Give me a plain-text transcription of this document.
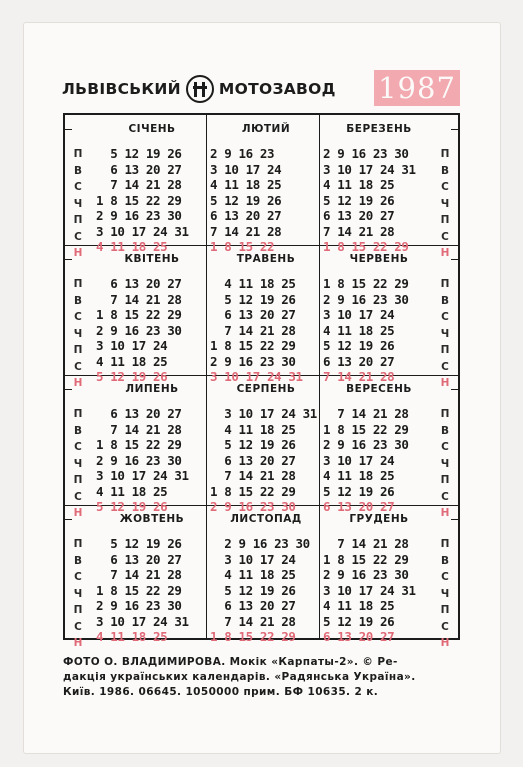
ЛЬВІВСЬКИЙ МОТОЗАВОД 1987
П
В
С
Ч
П
С
Н
П
В
С
Ч
П
С
Н
П
В
С
Ч
П
С
Н
П
В
С
Ч
П
С
Н
П
В
С
Ч
П
С
Н
П
В
С
Ч
П
С
Н
П
В
С
Ч
П
С
Н
П
В
С
Ч
П
С
Н
СІЧЕНЬ
5 12 19 26
6 13 20 27
7 14 21 28
1 8 15 22 29
2 9 16 23 30
3 10 17 24 31
4 11 18 25
ЛЮТИЙ
2 9 16 23
3 10 17 24
4 11 18 25
5 12 19 26
6 13 20 27
7 14 21 28
1 8 15 22
БЕРЕЗЕНЬ
2 9 16 23 30
3 10 17 24 31
4 11 18 25
5 12 19 26
6 13 20 27
7 14 21 28
1 8 15 22 29
КВІТЕНЬ
6 13 20 27
7 14 21 28
1 8 15 22 29
2 9 16 23 30
3 10 17 24
4 11 18 25
5 12 19 26
ТРАВЕНЬ
4 11 18 25
5 12 19 26
6 13 20 27
7 14 21 28
1 8 15 22 29
2 9 16 23 30
3 10 17 24 31
ЧЕРВЕНЬ
1 8 15 22 29
2 9 16 23 30
3 10 17 24
4 11 18 25
5 12 19 26
6 13 20 27
7 14 21 28
ЛИПЕНЬ
6 13 20 27
7 14 21 28
1 8 15 22 29
2 9 16 23 30
3 10 17 24 31
4 11 18 25
5 12 19 26
СЕРПЕНЬ
3 10 17 24 31
4 11 18 25
5 12 19 26
6 13 20 27
7 14 21 28
1 8 15 22 29
2 9 16 23 30
ВЕРЕСЕНЬ
7 14 21 28
1 8 15 22 29
2 9 16 23 30
3 10 17 24
4 11 18 25
5 12 19 26
6 13 20 27
ЖОВТЕНЬ
5 12 19 26
6 13 20 27
7 14 21 28
1 8 15 22 29
2 9 16 23 30
3 10 17 24 31
4 11 18 25
ЛИСТОПАД
2 9 16 23 30
3 10 17 24
4 11 18 25
5 12 19 26
6 13 20 27
7 14 21 28
1 8 15 22 29
ГРУДЕНЬ
7 14 21 28
1 8 15 22 29
2 9 16 23 30
3 10 17 24 31
4 11 18 25
5 12 19 26
6 13 20 27
ФОТО О. ВЛАДИМИРОВА. Мокік «Карпаты-2». © Ре-
дакція українських календарів. «Радянська Україна».
Київ. 1986. 06645. 1050000 прим. БФ 10635. 2 к.
